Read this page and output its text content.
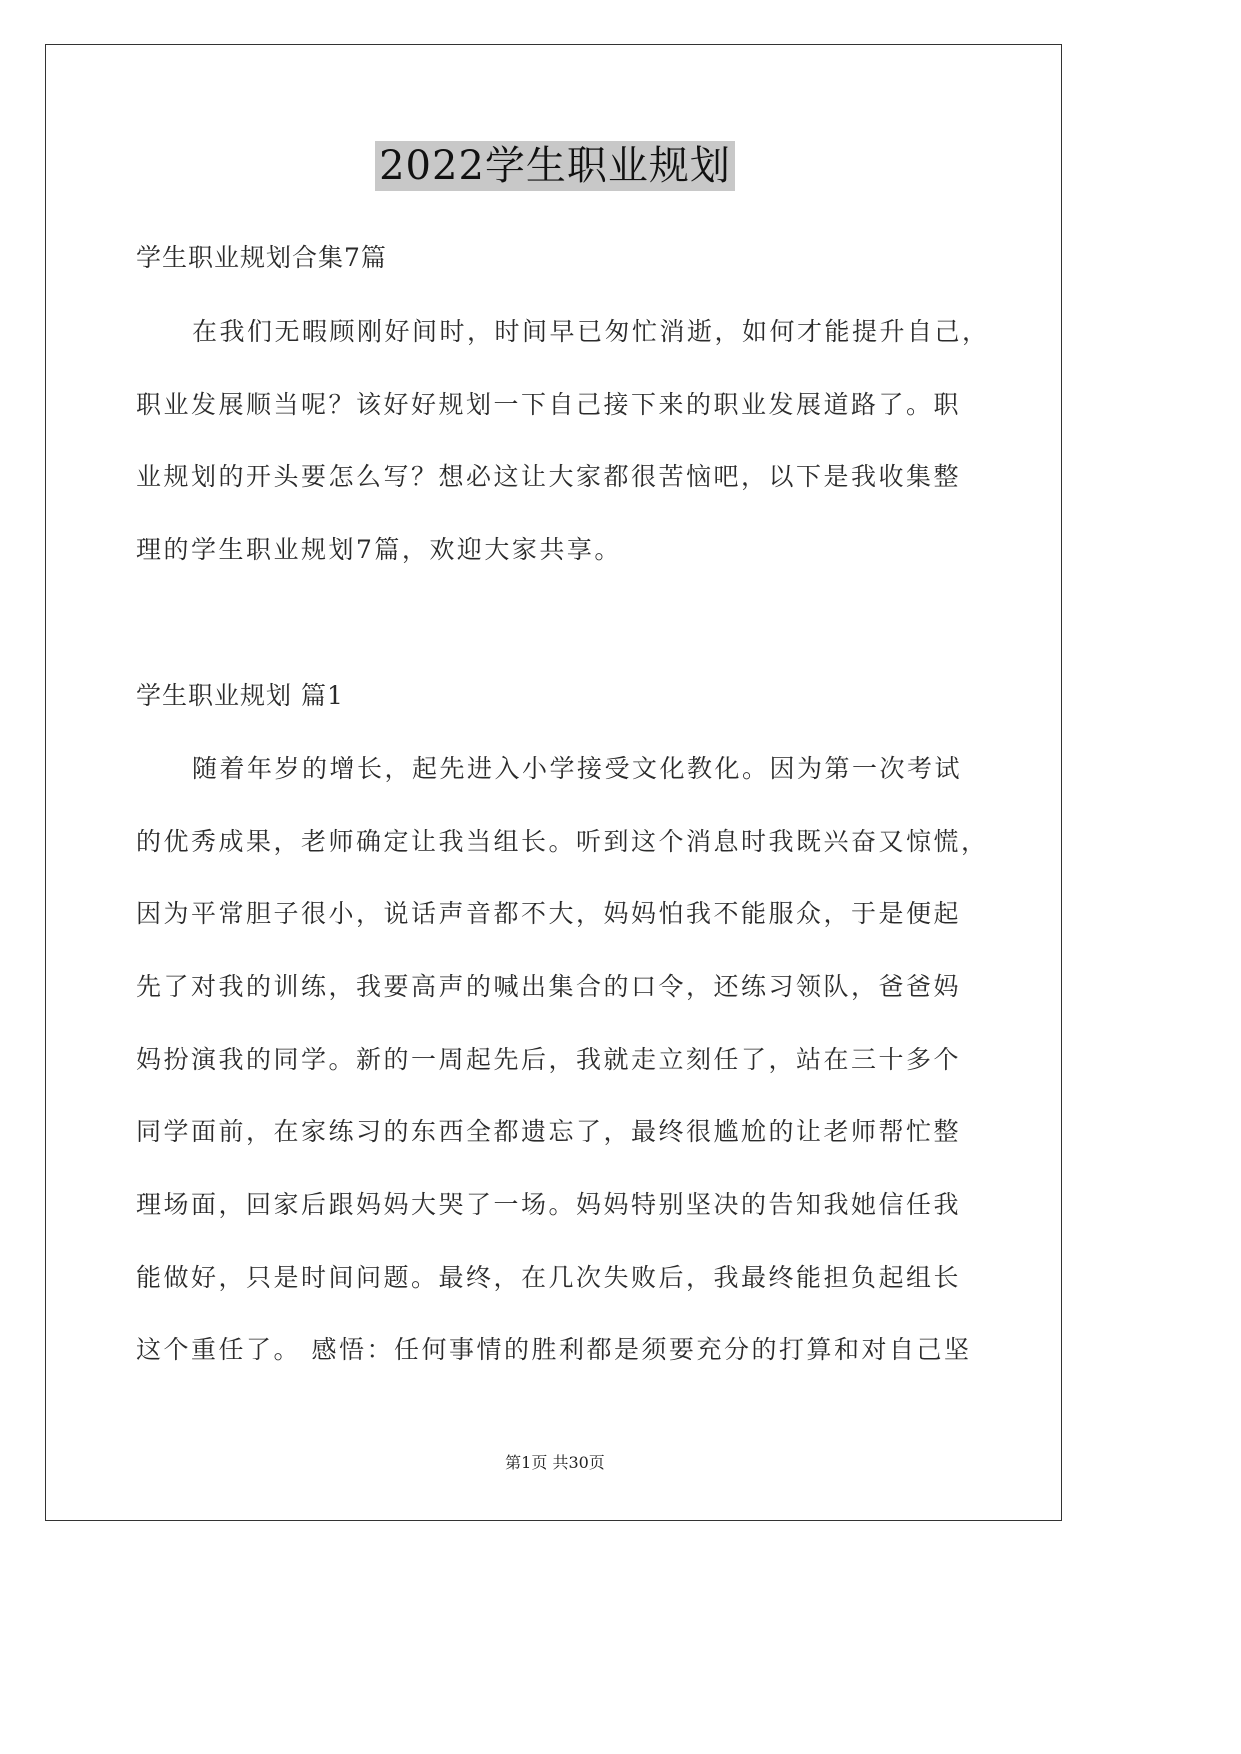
2022学生职业规划
学生职业规划合集7篇
在我们无暇顾刚好间时，时间早已匆忙消逝，如何才能提升自己，
职业发展顺当呢？该好好规划一下自己接下来的职业发展道路了。职
业规划的开头要怎么写？想必这让大家都很苦恼吧，以下是我收集整
理的学生职业规划7篇，欢迎大家共享。
学生职业规划 篇1
随着年岁的增长，起先进入小学接受文化教化。因为第一次考试
的优秀成果，老师确定让我当组长。听到这个消息时我既兴奋又惊慌，
因为平常胆子很小，说话声音都不大，妈妈怕我不能服众，于是便起
先了对我的训练，我要高声的喊出集合的口令，还练习领队，爸爸妈
妈扮演我的同学。新的一周起先后，我就走立刻任了，站在三十多个
同学面前，在家练习的东西全都遗忘了，最终很尴尬的让老师帮忙整
理场面，回家后跟妈妈大哭了一场。妈妈特别坚决的告知我她信任我
能做好，只是时间问题。最终，在几次失败后，我最终能担负起组长
这个重任了。 感悟：任何事情的胜利都是须要充分的打算和对自己坚
第1页 共30页
